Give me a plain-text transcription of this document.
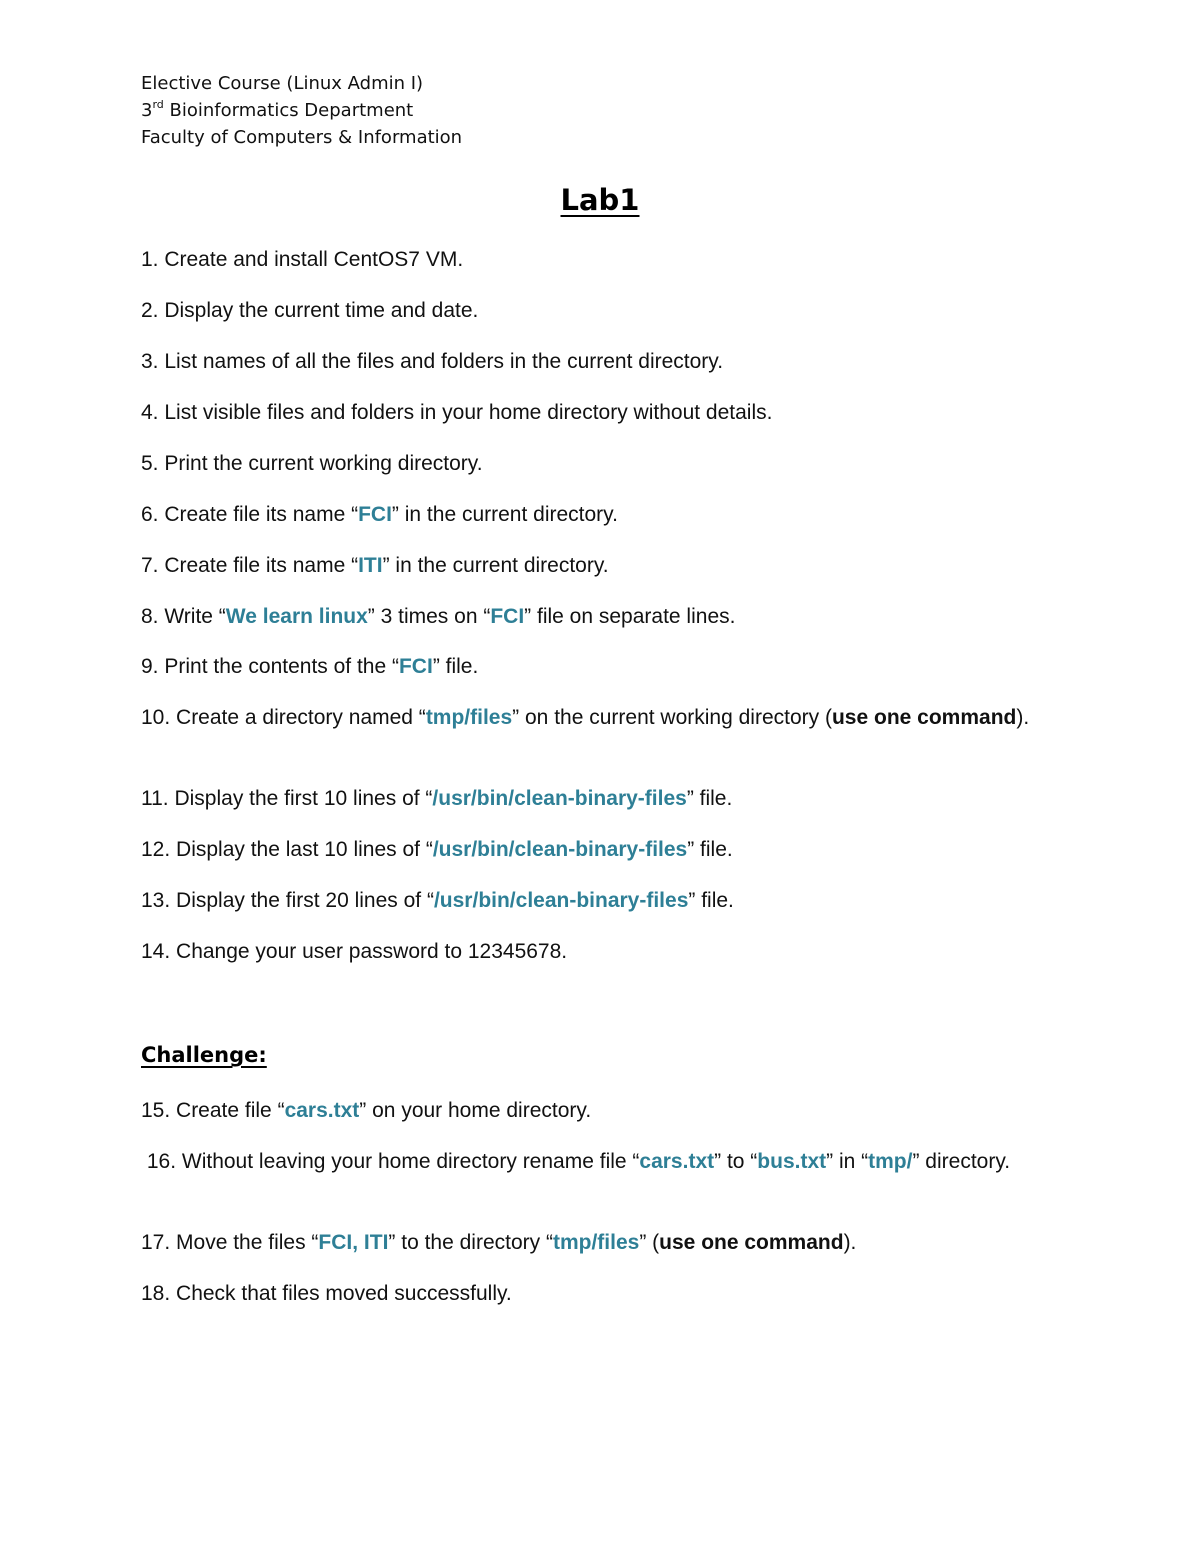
Elective Course (Linux Admin I)
3rd Bioinformatics Department
Faculty of Computers & Information
Lab1
1. Create and install CentOS7 VM.
2. Display the current time and date.
3. List names of all the files and folders in the current directory.
4. List visible files and folders in your home directory without details.
5. Print the current working directory.
6. Create file its name “FCI” in the current directory.
7. Create file its name “ITI” in the current directory.
8. Write “We learn linux” 3 times on “FCI” file on separate lines.
9. Print the contents of the “FCI” file.
10. Create a directory named “tmp/files” on the current working directory (use one command).
11. Display the first 10 lines of “/usr/bin/clean-binary-files” file.
12. Display the last 10 lines of “/usr/bin/clean-binary-files” file.
13. Display the first 20 lines of “/usr/bin/clean-binary-files” file.
14. Change your user password to 12345678.
Challenge:
15. Create file “cars.txt” on your home directory.
16. Without leaving your home directory rename file “cars.txt” to “bus.txt” in “tmp/” directory.
17. Move the files “FCI, ITI” to the directory “tmp/files” (use one command).
18. Check that files moved successfully.
